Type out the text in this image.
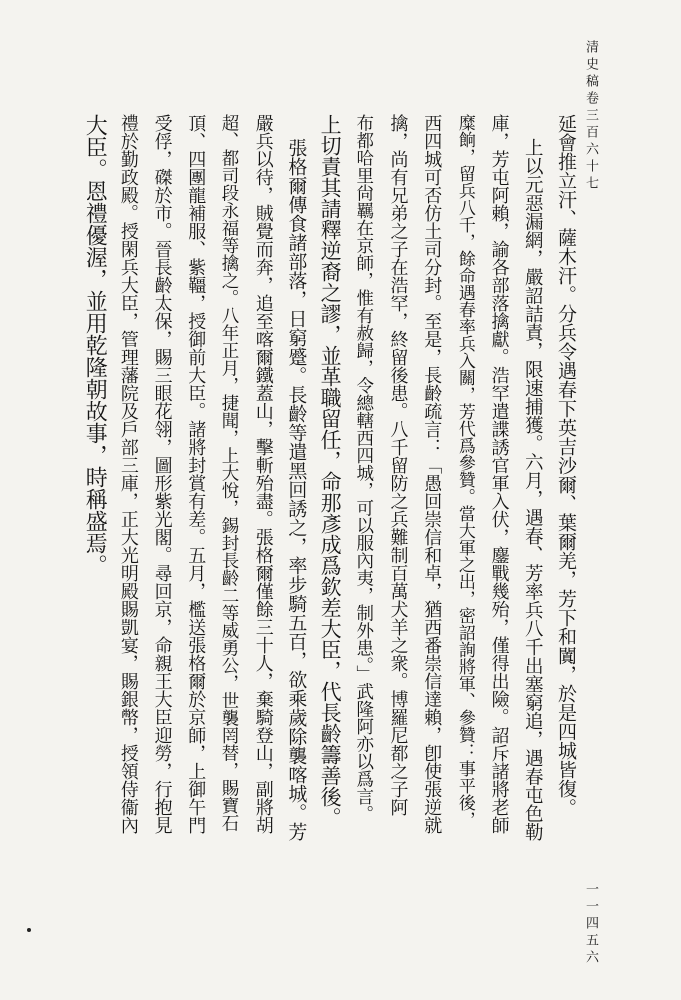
清史稿卷三百六十七
一一四五六
延會推立汗、薩木汗。分兵令遇春下英吉沙爾、葉爾羌，芳下和闐，於是四城皆復。
上以元惡漏網，嚴詔詰責，限速捕獲。六月，遇春、芳率兵八千出塞窮追，遇春屯色勒
庫，芳屯阿賴，諭各部落擒獻。浩罕遣諜誘官軍入伏，鏖戰幾殆，僅得出險。詔斥諸將老師
糜餉，留兵八千，餘命遇春率兵入關，芳代爲參贊。當大軍之出，密詔詢將軍、參贊：事平後，
西四城可否仿土司分封。至是，長齡疏言：「愚回崇信和卓，猶西番崇信達賴，卽使張逆就
擒，尚有兄弟之子在浩罕，終留後患。八千留防之兵難制百萬犬羊之衆。博羅尼都之子阿
布都哈里尙羈在京師，惟有赦歸，令總轄西四城，可以服內夷，制外患。」武隆阿亦以爲言。
上切責其請釋逆裔之謬，並革職留任，命那彥成爲欽差大臣，代長齡籌善後。
張格爾傳食諸部落，日窮蹙。長齡等遣黑回誘之，率步騎五百，欲乘歲除襲喀城。芳
嚴兵以待，賊覺而奔，追至喀爾鐵蓋山，擊斬殆盡。張格爾僅餘三十人，棄騎登山，副將胡
超、都司段永福等擒之。八年正月，捷聞，上大悅，錫封長齡二等威勇公，世襲罔替，賜寶石
頂、四團龍補服、紫韁，授御前大臣。諸將封賞有差。五月，檻送張格爾於京師，上御午門
受俘，磔於市。晉長齡太保，賜三眼花翎，圖形紫光閣。尋回京，命親王大臣迎勞，行抱見
禮於勤政殿。授閑兵大臣，管理藩院及戶部三庫，正大光明殿賜凱宴，賜銀幣，授領侍衞內
大臣。恩禮優渥，並用乾隆朝故事，時稱盛焉。
